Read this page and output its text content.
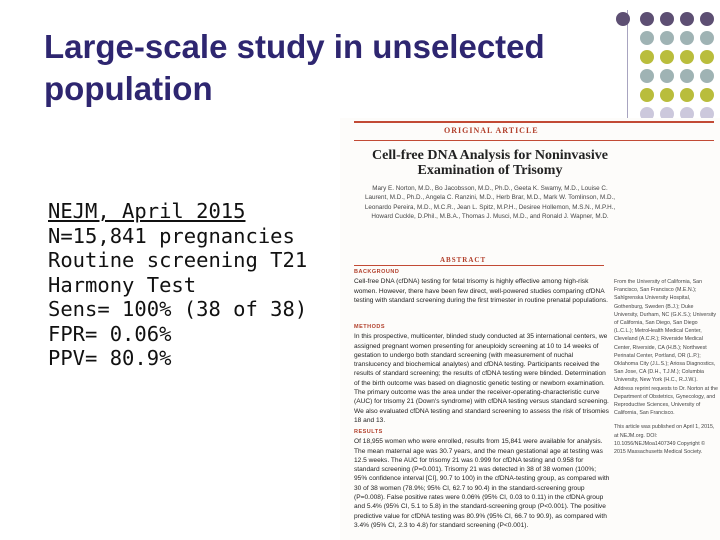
Large-scale study in unselected population
NEJM, April 2015
N=15,841 pregnancies
Routine screening T21
Harmony Test
Sens= 100% (38 of 38)
FPR= 0.06%
PPV= 80.9%
ORIGINAL ARTICLE
Cell-free DNA Analysis for Noninvasive Examination of Trisomy
Mary E. Norton, M.D., Bo Jacobsson, M.D., Ph.D., Geeta K. Swamy, M.D., Louise C. Laurent, M.D., Ph.D., Angela C. Ranzini, M.D., Herb Brar, M.D., Mark W. Tomlinson, M.D., Leonardo Pereira, M.D., M.C.R., Jean L. Spitz, M.P.H., Desiree Hollemon, M.S.N., M.P.H., Howard Cuckle, D.Phil., M.B.A., Thomas J. Musci, M.D., and Ronald J. Wapner, M.D.
ABSTRACT
BACKGROUND
Cell-free DNA (cfDNA) testing for fetal trisomy is highly effective among high-risk women. However, there have been few direct, well-powered studies comparing cfDNA testing with standard screening during the first trimester in routine prenatal populations.
METHODS
In this prospective, multicenter, blinded study conducted at 35 international centers, we assigned pregnant women presenting for aneuploidy screening at 10 to 14 weeks of gestation to undergo both standard screening (with measurement of nuchal translucency and biochemical analytes) and cfDNA testing. Participants received the results of standard screening; the results of cfDNA testing were blinded. Determination of the birth outcome was based on diagnostic genetic testing or newborn examination. The primary outcome was the area under the receiver-operating-characteristic curve (AUC) for trisomy 21 (Down's syndrome) with cfDNA testing versus standard screening. We also evaluated cfDNA testing and standard screening to assess the risk of trisomies 18 and 13.
RESULTS
Of 18,955 women who were enrolled, results from 15,841 were available for analysis. The mean maternal age was 30.7 years, and the mean gestational age at testing was 12.5 weeks. The AUC for trisomy 21 was 0.999 for cfDNA testing and 0.958 for standard screening (P=0.001). Trisomy 21 was detected in 38 of 38 women (100%; 95% confidence interval [CI], 90.7 to 100) in the cfDNA-testing group, as compared with 30 of 38 women (78.9%; 95% CI, 62.7 to 90.4) in the standard-screening group (P=0.008). False positive rates were 0.06% (95% CI, 0.03 to 0.11) in the cfDNA group and 5.4% (95% CI, 5.1 to 5.8) in the standard-screening group (P<0.001). The positive predictive value for cfDNA testing was 80.9% (95% CI, 66.7 to 90.9), as compared with 3.4% (95% CI, 2.3 to 4.8) for standard screening (P<0.001).
From the University of California, San Francisco, San Francisco (M.E.N.); Sahlgrenska University Hospital, Gothenburg, Sweden (B.J.); Duke University, Durham, NC (G.K.S.); University of California, San Diego, San Diego (L.C.L.); MetroHealth Medical Center, Cleveland (A.C.R.); Riverside Medical Center, Riverside, CA (H.B.); Northwest Perinatal Center, Portland, OR (L.P.); Oklahoma City (J.L.S.); Ariosa Diagnostics, San Jose, CA (D.H., T.J.M.); Columbia University, New York (H.C., R.J.W.). Address reprint requests to Dr. Norton at the Department of Obstetrics, Gynecology, and Reproductive Sciences, University of California, San Francisco.
This article was published on April 1, 2015, at NEJM.org. DOI: 10.1056/NEJMoa1407349 Copyright © 2015 Massachusetts Medical Society.
